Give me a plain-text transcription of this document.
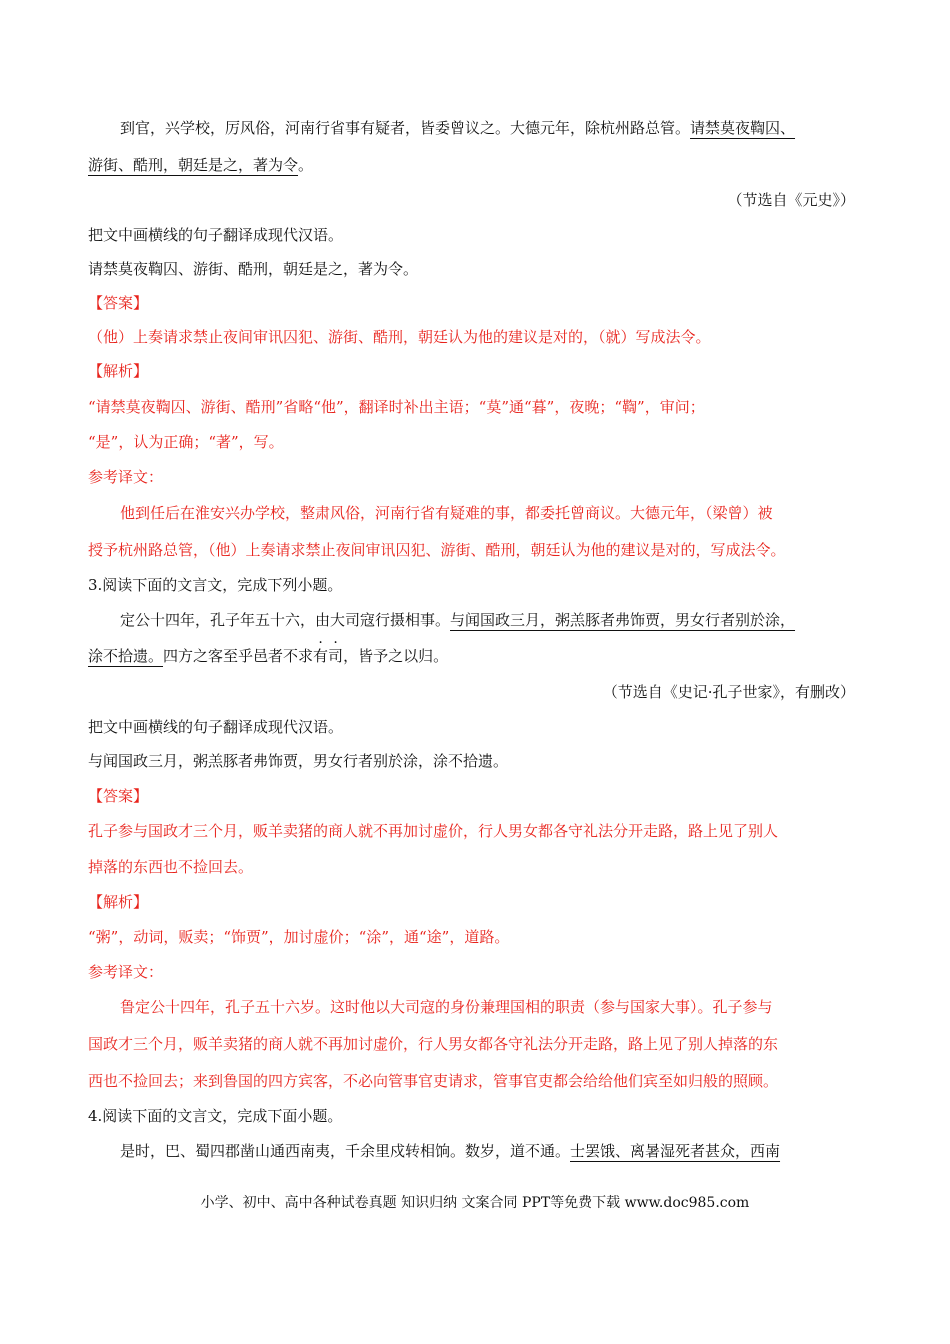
到官，兴学校，厉风俗，河南行省事有疑者，皆委曾议之。大德元年，除杭州路总管。请禁莫夜鞫囚、
游街、酷刑，朝廷是之，著为令。
（节选自《元史》）
把文中画横线的句子翻译成现代汉语。
请禁莫夜鞫囚、游街、酷刑，朝廷是之，著为令。
【答案】
（他）上奏请求禁止夜间审讯囚犯、游街、酷刑，朝廷认为他的建议是对的，（就）写成法令。
【解析】
“请禁莫夜鞫囚、游街、酷刑”省略“他”，翻译时补出主语；“莫”通“暮”，夜晚；“鞫”，审问；
“是”，认为正确；“著”，写。
参考译文：
他到任后在淮安兴办学校，整肃风俗，河南行省有疑难的事，都委托曾商议。大德元年，（梁曾）被
授予杭州路总管，（他）上奏请求禁止夜间审讯囚犯、游街、酷刑，朝廷认为他的建议是对的，写成法令。
3.阅读下面的文言文，完成下列小题。
定公十四年，孔子年五十六，由大司寇行摄相事。与闻国政三月，粥羔豚者弗饰贾，男女行者别於涂，
涂不拾遗。四方之客至乎邑者不求有司，皆予之以归。
（节选自《史记·孔子世家》，有删改）
把文中画横线的句子翻译成现代汉语。
与闻国政三月，粥羔豚者弗饰贾，男女行者别於涂，涂不拾遗。
【答案】
孔子参与国政才三个月，贩羊卖猪的商人就不再加讨虚价，行人男女都各守礼法分开走路，路上见了别人
掉落的东西也不捡回去。
【解析】
“粥”，动词，贩卖；“饰贾”，加讨虚价；“涂”，通“途”，道路。
参考译文：
鲁定公十四年，孔子五十六岁。这时他以大司寇的身份兼理国相的职责（参与国家大事）。孔子参与
国政才三个月，贩羊卖猪的商人就不再加讨虚价，行人男女都各守礼法分开走路，路上见了别人掉落的东
西也不捡回去；来到鲁国的四方宾客，不必向管事官吏请求，管事官吏都会给给他们宾至如归般的照顾。
4.阅读下面的文言文，完成下面小题。
是时，巴、蜀四郡凿山通西南夷，千余里戍转相饷。数岁，道不通。士罢饿、离暑湿死者甚众，西南
小学、初中、高中各种试卷真题 知识归纳 文案合同 PPT等免费下载 www.doc985.com
